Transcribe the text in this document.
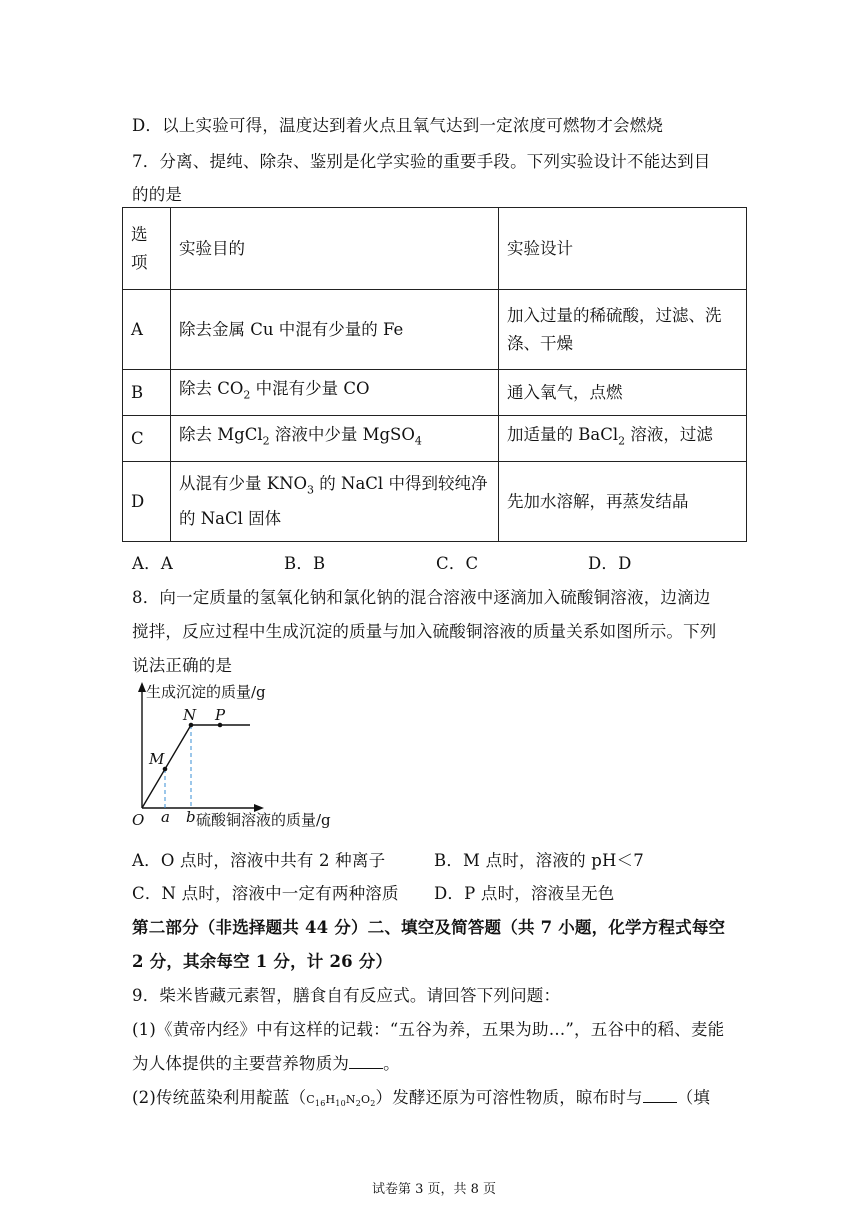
D．以上实验可得，温度达到着火点且氧气达到一定浓度可燃物才会燃烧
7．分离、提纯、除杂、鉴别是化学实验的重要手段。下列实验设计不能达到目
的的是
选
项	实验目的	实验设计
A	除去金属 Cu 中混有少量的 Fe	加入过量的稀硫酸，过滤、洗
涤、干燥

B	除去 $CO_2$ 中混有少量 CO	通入氧气，点燃
C	除去 MgCl$_2$ 溶液中少量 MgSO$_4$	加适量的 BaCl$_2$ 溶液，过滤
D	从混有少量 $KNO_3$ 的 NaCl 中得到较纯净
的 NaCl 固体	先加水溶解，再蒸发结晶
A．A	B．B	C．C	D．D
8．向一定质量的氢氧化钠和氯化钠的混合溶液中逐滴加入硫酸铜溶液，边滴边
搅拌，反应过程中生成沉淀的质量与加入硫酸铜溶液的质量关系如图所示。下列
说法正确的是
生成沉淀的质量/g
硫酸铜溶液的质量/g
M
N P
O a b
A．O 点时，溶液中共有 2 种离子	B．M 点时，溶液的 pH＜7
C．N 点时，溶液中一定有两种溶质 D．P 点时，溶液呈无色
第二部分（非选择题共 44 分）二、填空及简答题（共 7 小题，化学方程式每空
2 分，其余每空 1 分，计 26 分）
9．柴米皆藏元素智，膳食自有反应式。请回答下列问题：
(1)《黄帝内经》中有这样的记载：“五谷为养，五果为助…”，五谷中的稻、麦能
为人体提供的主要营养物质为 。
(2)传统蓝染利用靛蓝$(C_{16}H_{10}N_2O_2)$发酵还原为可溶性物质，晾布时与 （填
试卷第 3 页，共 8 页
